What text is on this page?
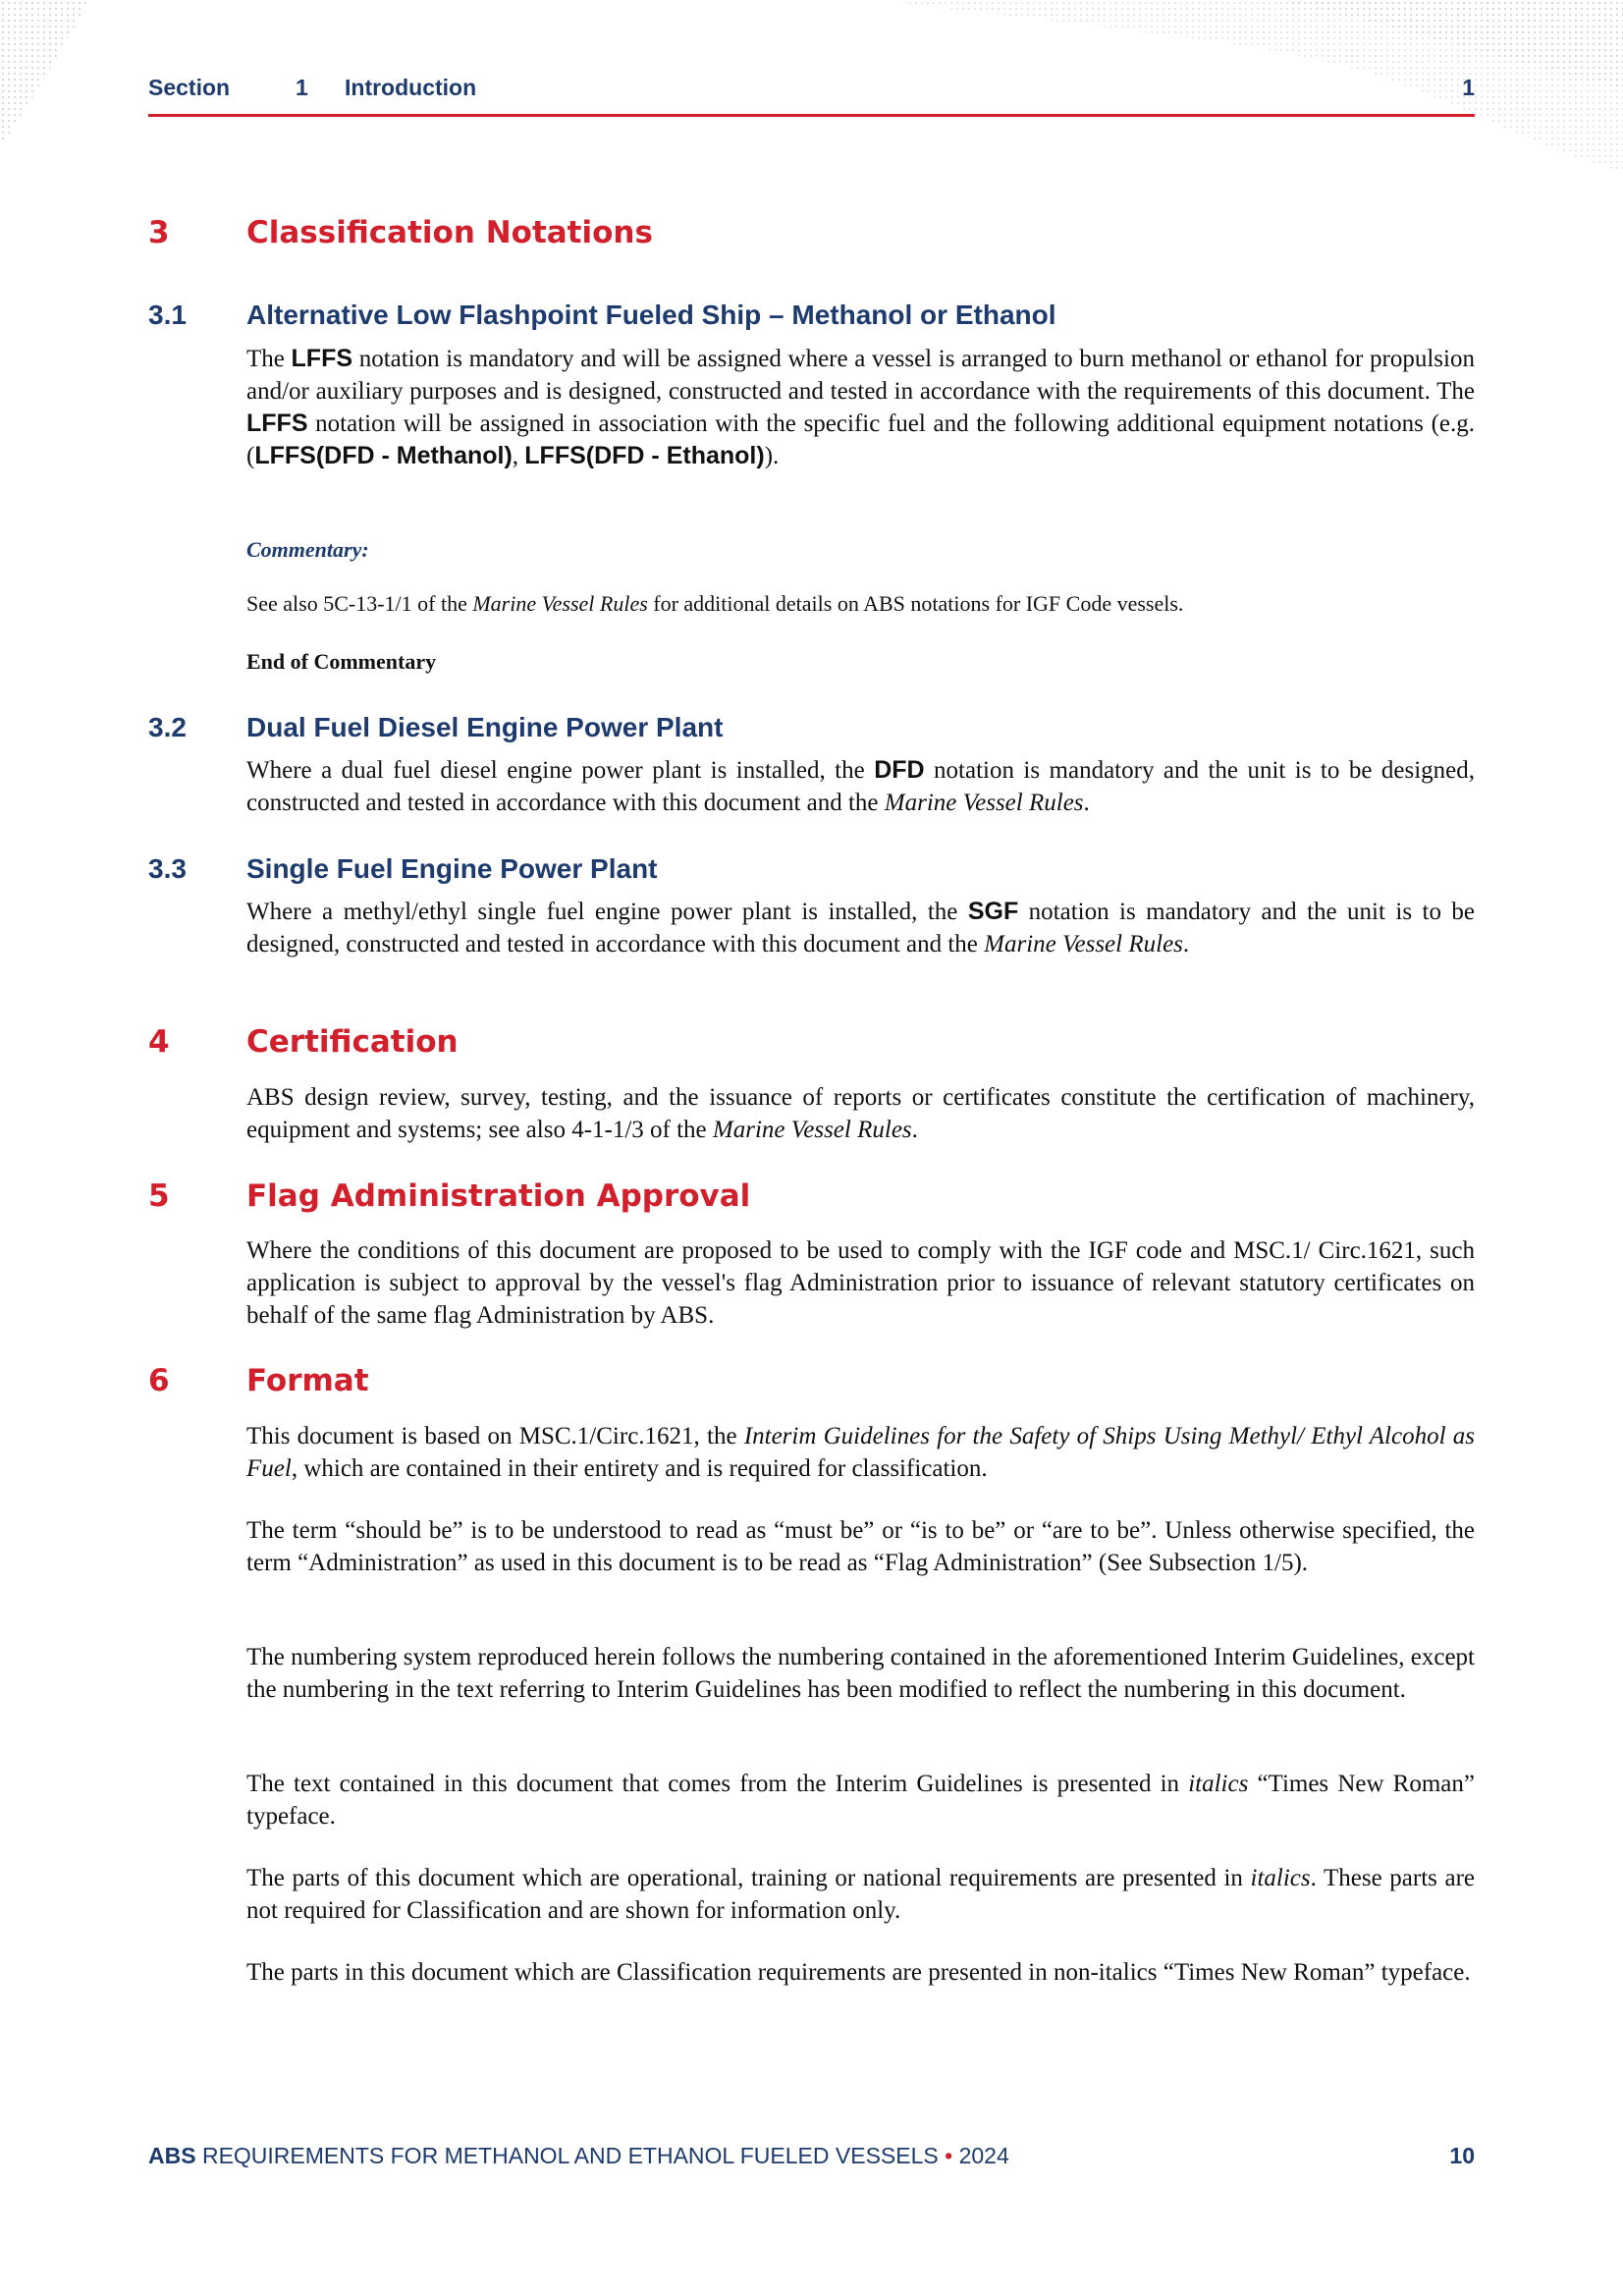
Section	1 Introduction	1
3	Classification Notations
3.1 Alternative Low Flashpoint Fueled Ship – Methanol or Ethanol

The LFFS notation is mandatory and will be assigned where a vessel is arranged to burn methanol or ethanol for propulsion and/or auxiliary purposes and is designed, constructed and tested in accordance with the requirements of this document. The LFFS notation will be assigned in association with the specific fuel and the following additional equipment notations (e.g. (LFFS(DFD - Methanol), LFFS(DFD - Ethanol)).

Commentary:

See also 5C-13-1/1 of the Marine Vessel Rules for additional details on ABS notations for IGF Code vessels.

End of Commentary

3.2 Dual Fuel Diesel Engine Power Plant

Where a dual fuel diesel engine power plant is installed, the DFD notation is mandatory and the unit is to be designed, constructed and tested in accordance with this document and the Marine Vessel Rules.

3.3 Single Fuel Engine Power Plant

Where a methyl/ethyl single fuel engine power plant is installed, the SGF notation is mandatory and the unit is to be designed, constructed and tested in accordance with this document and the Marine Vessel Rules.

4	Certification

ABS design review, survey, testing, and the issuance of reports or certificates constitute the certification of machinery, equipment and systems; see also 4-1-1/3 of the Marine Vessel Rules.

5	Flag Administration Approval

Where the conditions of this document are proposed to be used to comply with the IGF code and MSC.1/ Circ.1621, such application is subject to approval by the vessel's flag Administration prior to issuance of relevant statutory certificates on behalf of the same flag Administration by ABS.

6	Format

This document is based on MSC.1/Circ.1621, the Interim Guidelines for the Safety of Ships Using Methyl/ Ethyl Alcohol as Fuel, which are contained in their entirety and is required for classification.

The term “should be” is to be understood to read as “must be” or “is to be” or “are to be”. Unless otherwise specified, the term “Administration” as used in this document is to be read as “Flag Administration” (See Subsection 1/5).

The numbering system reproduced herein follows the numbering contained in the aforementioned Interim Guidelines, except the numbering in the text referring to Interim Guidelines has been modified to reflect the numbering in this document.

The text contained in this document that comes from the Interim Guidelines is presented in italics “Times New Roman” typeface.

The parts of this document which are operational, training or national requirements are presented in italics. These parts are not required for Classification and are shown for information only.

The parts in this document which are Classification requirements are presented in non-italics “Times New Roman” typeface.

ABS REQUIREMENTS FOR METHANOL AND ETHANOL FUELED VESSELS • 2024	10
